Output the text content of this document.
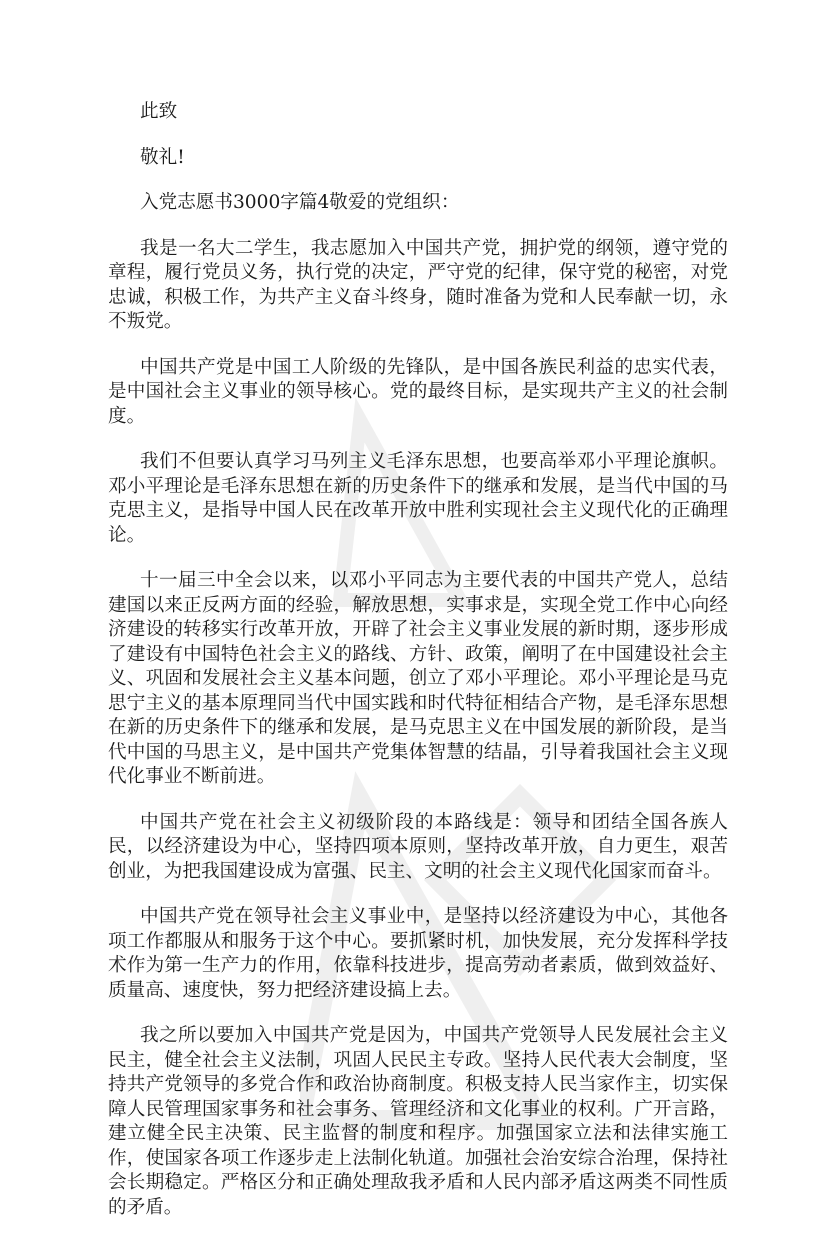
此致

敬礼!

入党志愿书3000字篇4敬爱的党组织：

我是一名大二学生，我志愿加入中国共产党，拥护党的纲领，遵守党的章程，履行党员义务，执行党的决定，严守党的纪律，保守党的秘密，对党忠诚，积极工作，为共产主义奋斗终身，随时准备为党和人民奉献一切，永不叛党。

中国共产党是中国工人阶级的先锋队，是中国各族民利益的忠实代表，是中国社会主义事业的领导核心。党的最终目标，是实现共产主义的社会制度。

我们不但要认真学习马列主义毛泽东思想，也要高举邓小平理论旗帜。邓小平理论是毛泽东思想在新的历史条件下的继承和发展，是当代中国的马克思主义，是指导中国人民在改革开放中胜利实现社会主义现代化的正确理论。

十一届三中全会以来，以邓小平同志为主要代表的中国共产党人，总结建国以来正反两方面的经验，解放思想，实事求是，实现全党工作中心向经济建设的转移实行改革开放，开辟了社会主义事业发展的新时期，逐步形成了建设有中国特色社会主义的路线、方针、政策，阐明了在中国建设社会主义、巩固和发展社会主义基本问题，创立了邓小平理论。邓小平理论是马克思宁主义的基本原理同当代中国实践和时代特征相结合产物，是毛泽东思想在新的历史条件下的继承和发展，是马克思主义在中国发展的新阶段，是当代中国的马思主义，是中国共产党集体智慧的结晶，引导着我国社会主义现代化事业不断前进。

中国共产党在社会主义初级阶段的本路线是：领导和团结全国各族人民，以经济建设为中心，坚持四项本原则，坚持改革开放，自力更生，艰苦创业，为把我国建设成为富强、民主、文明的社会主义现代化国家而奋斗。

中国共产党在领导社会主义事业中，是坚持以经济建设为中心，其他各项工作都服从和服务于这个中心。要抓紧时机，加快发展，充分发挥科学技术作为第一生产力的作用，依靠科技进步，提高劳动者素质，做到效益好、质量高、速度快，努力把经济建设搞上去。

我之所以要加入中国共产党是因为，中国共产党领导人民发展社会主义民主，健全社会主义法制，巩固人民民主专政。坚持人民代表大会制度，坚持共产党领导的多党合作和政治协商制度。积极支持人民当家作主，切实保障人民管理国家事务和社会事务、管理经济和文化事业的权利。广开言路，建立健全民主决策、民主监督的制度和程序。加强国家立法和法律实施工作，使国家各项工作逐步走上法制化轨道。加强社会治安综合治理，保持社会长期稳定。严格区分和正确处理敌我矛盾和人民内部矛盾这两类不同性质的矛盾。
